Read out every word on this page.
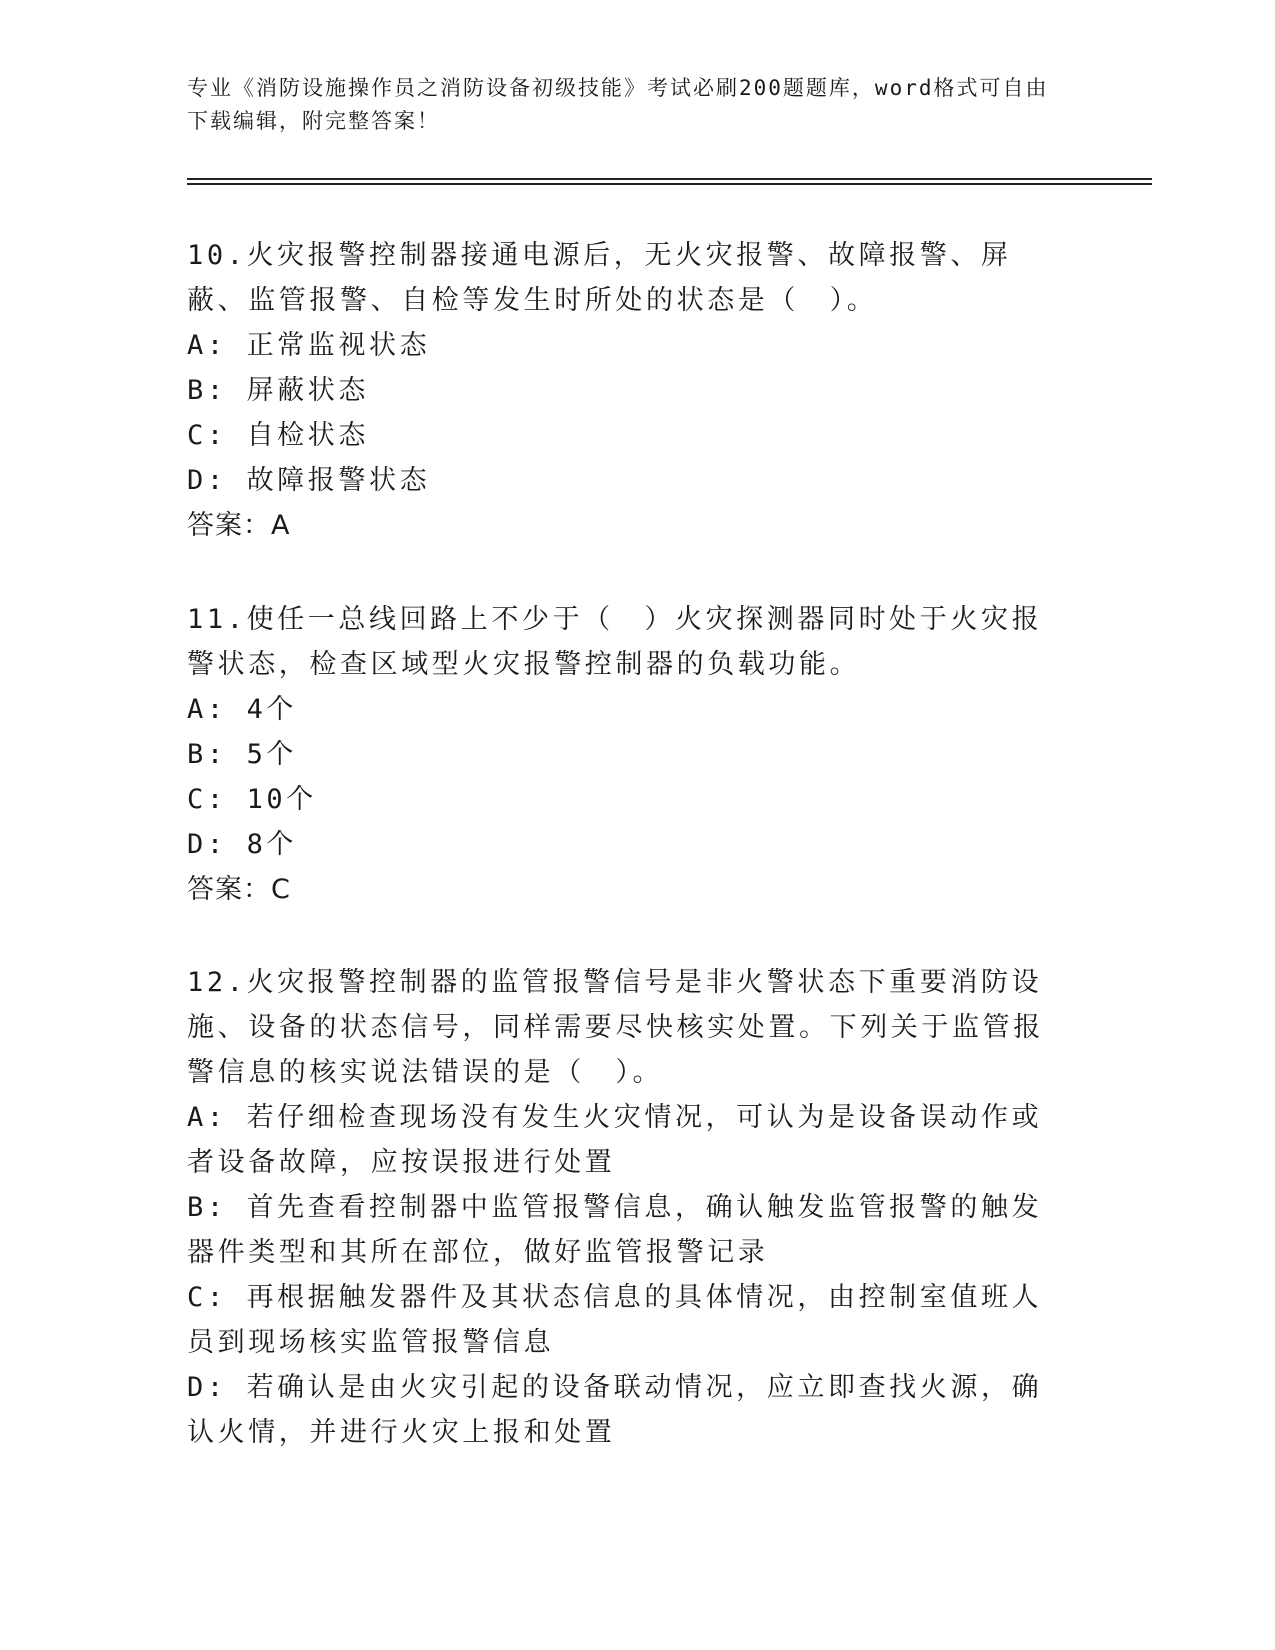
专业《消防设施操作员之消防设备初级技能》考试必刷200题题库，word格式可自由下载编辑，附完整答案！
10.火灾报警控制器接通电源后，无火灾报警、故障报警、屏蔽、监管报警、自检等发生时所处的状态是（　）。
A: 正常监视状态
B: 屏蔽状态
C: 自检状态
D: 故障报警状态
答案：A
11.使任一总线回路上不少于（　）火灾探测器同时处于火灾报警状态，检查区域型火灾报警控制器的负载功能。
A: 4个
B: 5个
C: 10个
D: 8个
答案：C
12.火灾报警控制器的监管报警信号是非火警状态下重要消防设施、设备的状态信号，同样需要尽快核实处置。下列关于监管报警信息的核实说法错误的是（　）。
A: 若仔细检查现场没有发生火灾情况，可认为是设备误动作或者设备故障，应按误报进行处置
B: 首先查看控制器中监管报警信息，确认触发监管报警的触发器件类型和其所在部位，做好监管报警记录
C: 再根据触发器件及其状态信息的具体情况，由控制室值班人员到现场核实监管报警信息
D: 若确认是由火灾引起的设备联动情况，应立即查找火源，确认火情，并进行火灾上报和处置
